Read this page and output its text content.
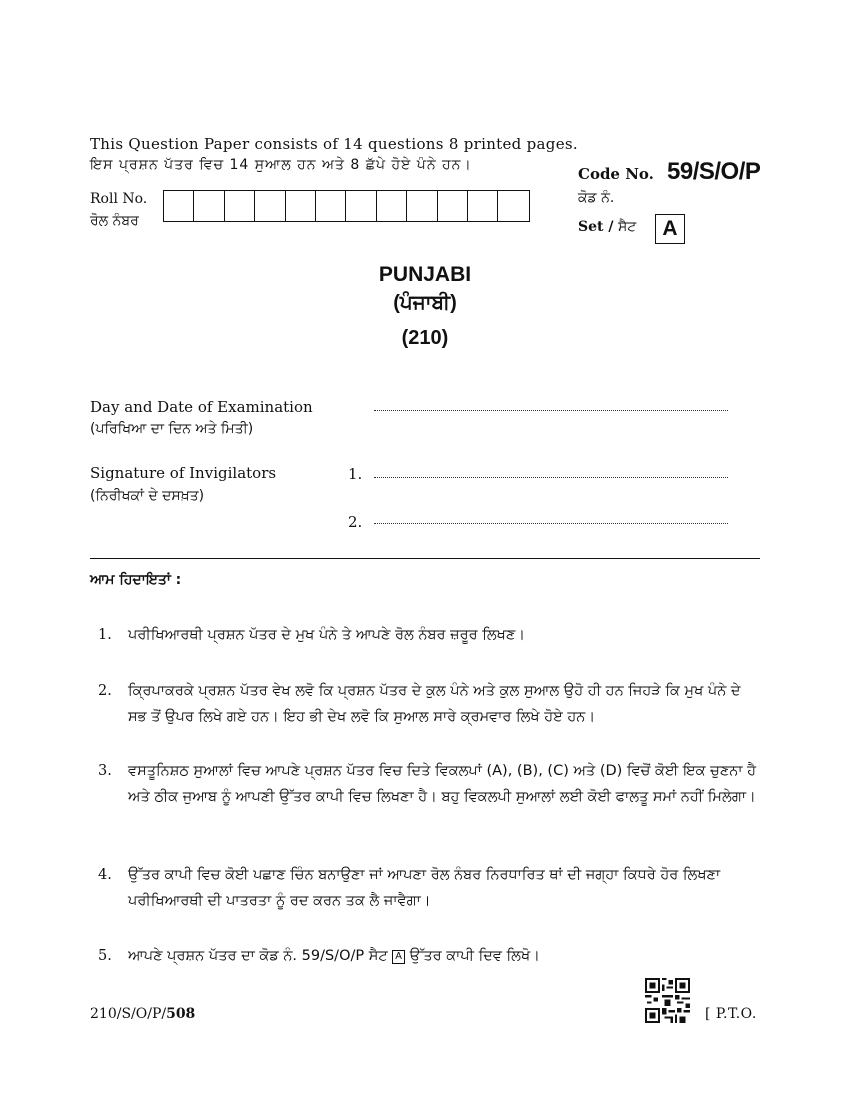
This Question Paper consists of 14 questions 8 printed pages.
ਇਸ ਪ੍ਰਸ਼ਨ ਪੱਤਰ ਵਿਚ 14 ਸੁਆਲ ਹਨ ਅਤੇ 8 ਛੱਪੇ ਹੋਏ ਪੰਨੇ ਹਨ।
Roll No.
ਰੋਲ ਨੰਬਰ
Code No. 59/S/O/P
ਕੋਡ ਨੰ.
Set / ਸੈਟ	A
PUNJABI
(ਪੰਜਾਬੀ)
(210)
Day and Date of Examination
(ਪਰਿਖਿਆ ਦਾ ਦਿਨ ਅਤੇ ਮਿਤੀ)
Signature of Invigilators
(ਨਿਰੀਖਕਾਂ ਦੇ ਦਸਖ਼ਤ)
1.
2.
ਆਮ ਹਿਦਾਇਤਾਂ :
1.	ਪਰੀਖਿਆਰਥੀ ਪ੍ਰਸ਼ਨ ਪੱਤਰ ਦੇ ਮੁਖ ਪੰਨੇ ਤੇ ਆਪਣੇ ਰੋਲ ਨੰਬਰ ਜ਼ਰੂਰ ਲਿਖਣ।
2.	ਕ੍ਰਿਪਾਕਰਕੇ ਪ੍ਰਸ਼ਨ ਪੱਤਰ ਵੇਖ ਲਵੋ ਕਿ ਪ੍ਰਸ਼ਨ ਪੱਤਰ ਦੇ ਕੁਲ ਪੰਨੇ ਅਤੇ ਕੁਲ ਸੁਆਲ ਉਹੋ ਹੀ ਹਨ ਜਿਹੜੇ ਕਿ ਮੁਖ ਪੰਨੇ ਦੇ ਸਭ ਤੋਂ ਉਪਰ ਲਿਖੇ ਗਏ ਹਨ। ਇਹ ਭੀ ਦੇਖ ਲਵੋ ਕਿ ਸੁਆਲ ਸਾਰੇ ਕ੍ਰਮਵਾਰ ਲਿਖੇ ਹੋਏ ਹਨ।
3.	ਵਸਤੂਨਿਸ਼ਠ ਸੁਆਲਾਂ ਵਿਚ ਆਪਣੇ ਪ੍ਰਸ਼ਨ ਪੱਤਰ ਵਿਚ ਦਿਤੇ ਵਿਕਲਪਾਂ (A), (B), (C) ਅਤੇ (D) ਵਿਚੋਂ ਕੋਈ ਇਕ ਚੁਣਨਾ ਹੈ ਅਤੇ ਠੀਕ ਜੁਆਬ ਨੂੰ ਆਪਣੀ ਉੱਤਰ ਕਾਪੀ ਵਿਚ ਲਿਖਣਾ ਹੈ। ਬਹੁ ਵਿਕਲਪੀ ਸੁਆਲਾਂ ਲਈ ਕੋਈ ਫਾਲਤੂ ਸਮਾਂ ਨਹੀਂ ਮਿਲੇਗਾ।
4.	ਉੱਤਰ ਕਾਪੀ ਵਿਚ ਕੋਈ ਪਛਾਣ ਚਿੰਨ ਬਨਾਉਣਾ ਜਾਂ ਆਪਣਾ ਰੋਲ ਨੰਬਰ ਨਿਰਧਾਰਿਤ ਥਾਂ ਦੀ ਜਗ੍ਹਾ ਕਿਧਰੇ ਹੋਰ ਲਿਖਣਾ ਪਰੀਖਿਆਰਥੀ ਦੀ ਪਾਤਰਤਾ ਨੂੰ ਰਦ ਕਰਨ ਤਕ ਲੈ ਜਾਵੈਗਾ।
5.	ਆਪਣੇ ਪ੍ਰਸ਼ਨ ਪੱਤਰ ਦਾ ਕੋਡ ਨੰ. 59/S/O/P ਸੈਟ A ਉੱਤਰ ਕਾਪੀ ਦਿਵ ਲਿਖੋ।
210/S/O/P/508	[ P.T.O.
